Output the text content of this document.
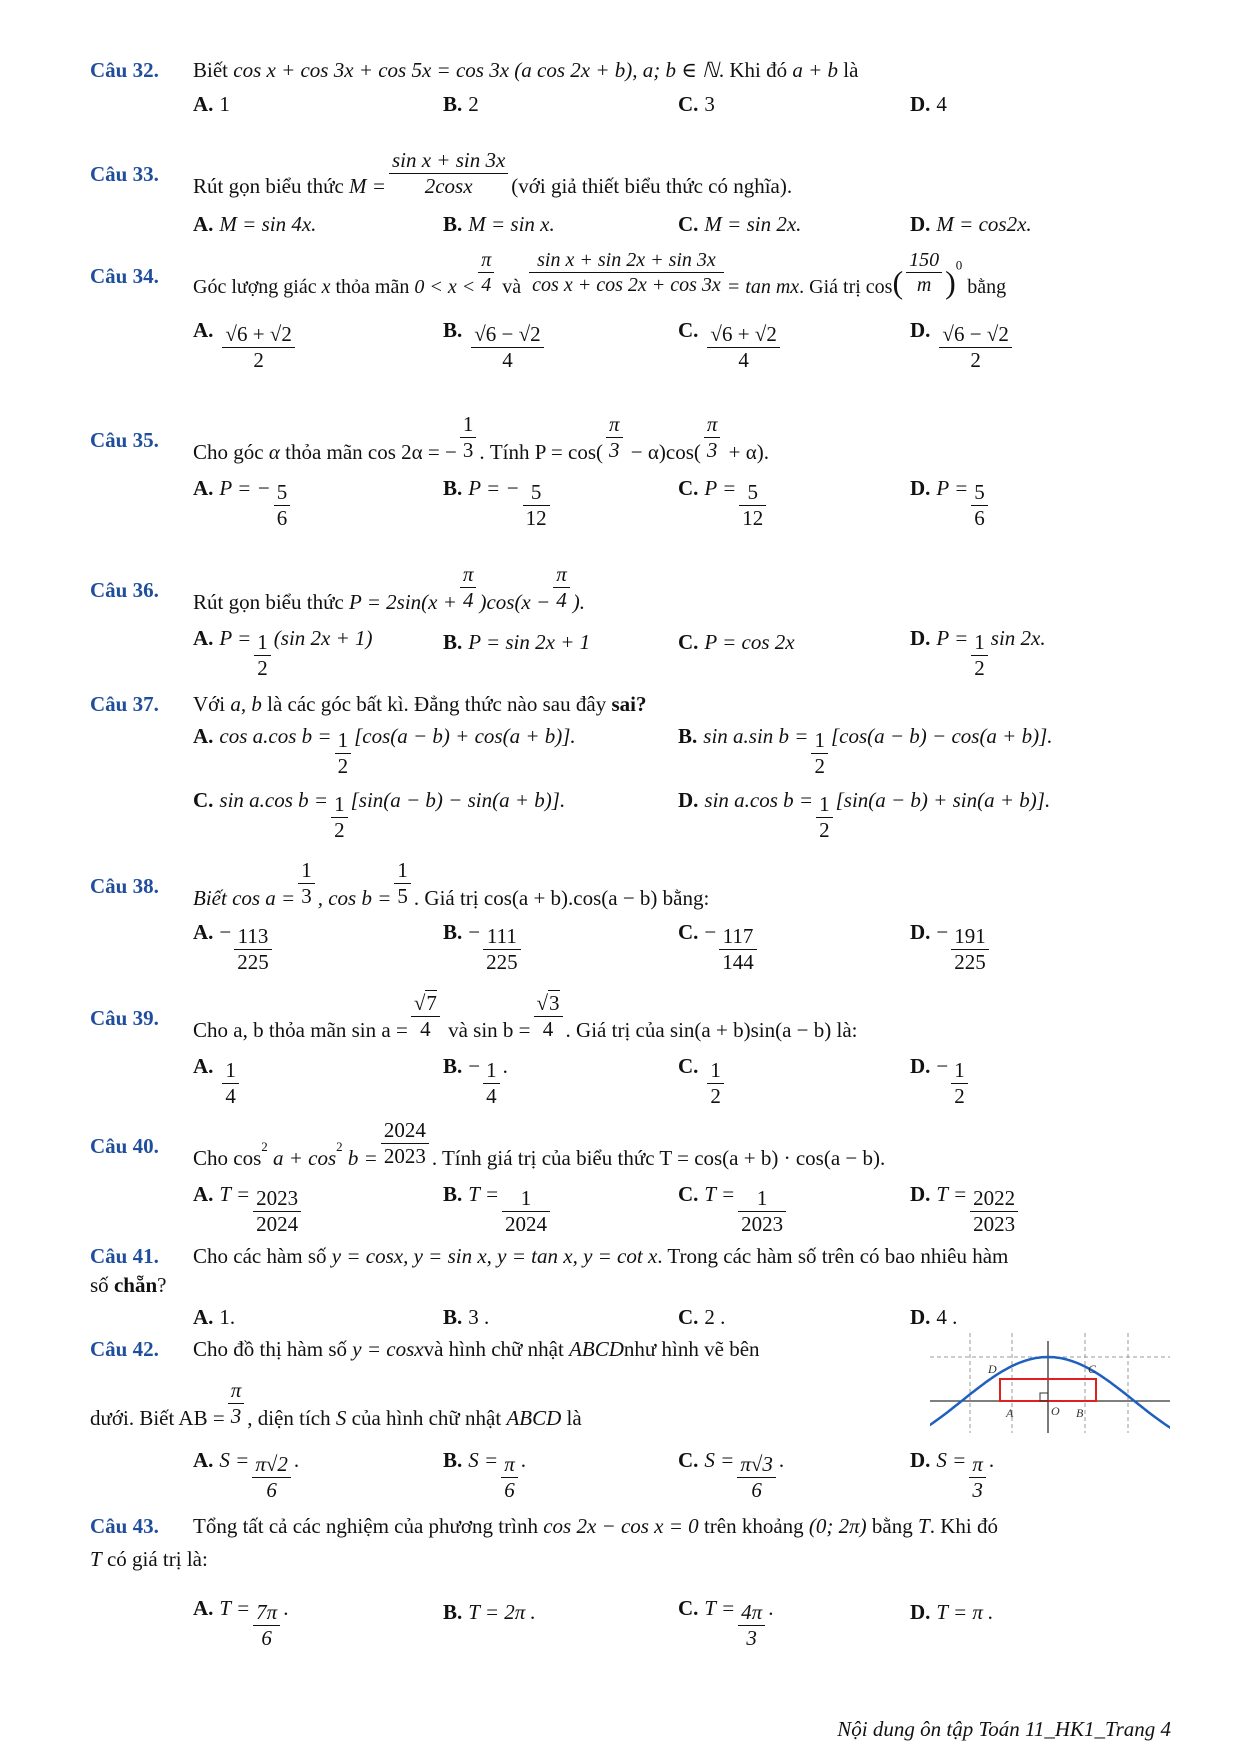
Câu 32. Biết cos x + cos 3x + cos 5x = cos 3x (a cos 2x + b), a; b ∈ ℕ. Khi đó a + b là
A. 1	B. 2	C. 3	D. 4
Câu 33. Rút gọn biểu thức $M = \frac{\text{sin x + sin 3x}}{2\cos x}$ (với giả thiết biểu thức có nghĩa).
A. M = sin 4x.	B. M = sin x.	C. M = sin 2x.	D. M = cos2x.
Câu 34. Góc lượng giác x thỏa mãn $0 < x < \frac{\pi}{4}$ và $\frac{\text{sin x + sin 2x + sin 3x}}{\text{cos x + cos 2x + cos 3x}} = \tan$ mx. Giá trị $\cos( \frac{150}{m} )^0$ bằng
A. $\frac{√6 + √2}{2}$	B. $\frac{√6 - √2}{4}$	C. $\frac{√6 + √2}{4}$	D. $\frac{√6 - √2}{2}$
Câu 35. Cho góc α thỏa mãn cos 2α = − $\frac{1}{3}$ . Tính $P = \cos( \frac{\pi}{3} - \alpha)\cos( \frac{\pi}{3} + \alpha)$.
A. P = − $\frac{5}{6}$	B. P = − $\frac{5}{12}$	C. $P = \frac{5}{12}$	D. $P = \frac{5}{6}$
Câu 36. Rút gọn biểu thức $P = 2\sin(x + \frac{\pi}{4} )\cos(x - \frac{\pi}{4}$ ).
A. $P = \frac{1}{2} (\sin$ 2x + 1)	B. P = sin 2x + 1	C. P = cos 2x	D. $P = \frac{1}{2}$ sin 2x.
Câu 37. Với a, b là các góc bất kì. Đẳng thức nào sau đây sai?
A. cos a.cos $b = \frac{1}{2} [\cos(a - b) + \cos(a + b)]$.	B. sin a.sin $b = \frac{1}{2} [\cos(a - b) - \cos(a + b)]$.
C. sin a.cos $b = \frac{1}{2} [\sin(a - b) - \sin(a + b)]$.	D. sin a.cos $b = \frac{1}{2} [\sin(a - b) + \sin(a + b)]$.
Câu 38. Biết $\cos a = \frac{1}{3}$ , $\cos b = \frac{1}{5}$ . Giá trị cos(a + b).cos(a − b) bằng:
A. − $\frac{113}{225}$	B. − $\frac{111}{225}$	C. − $\frac{117}{144}$	D. − $\frac{191}{225}$
Câu 39. Cho a, b thỏa mãn $\sin a = \frac{√7}{4}$ và $\sin b = \frac{√3}{4}$ . Giá trị của sin(a + b)sin(a − b) là:
A. $\frac{1}{4}$	B. − $\frac{1}{4}$ .	C. $\frac{1}{2}$	D. − $\frac{1}{2}$
Câu 40. Cho $\cos^2 a + \cos^2 b = \frac{2024}{2023}$ . Tính giá trị của biểu thức T = cos(a + b) · cos(a − b).
A. $T = \frac{2023}{2024}$	B. $T = \frac{1}{2024}$	C. $T = \frac{1}{2023}$	D. $T = \frac{2022}{2023}$
Câu 41. Cho các hàm số y = cosx, y = sin x, y = tan x, y = cot x. Trong các hàm số trên có bao nhiêu hàm
số chẵn?
A. 1.	B. 3 .	C. 2 .	D. 4 .
Câu 42. Cho đồ thị hàm số y = cosxvà hình chữ nhật ABCDnhư hình vẽ bên
dưới. Biết AB = $\frac{\pi}{3}$ , diện tích S của hình chữ nhật ABCD là
D	C
A	O B
A. $S = \frac{\pi√2}{6}$ .	B. $S = \frac{\pi}{6}$ .	C. $S = \frac{\pi√3}{6}$ .	D. $S = \frac{\pi}{3}$ .
Câu 43. Tổng tất cả các nghiệm của phương trình cos 2x − cos x = 0 trên khoảng (0; 2π) bằng T. Khi đó
T có giá trị là:
A. $T = \frac{7\pi}{6}$ .	B. T = 2π .	C. $T = \frac{4\pi}{3}$ .	D. T = π .
Nội dung ôn tập Toán 11_HK1_Trang 4
